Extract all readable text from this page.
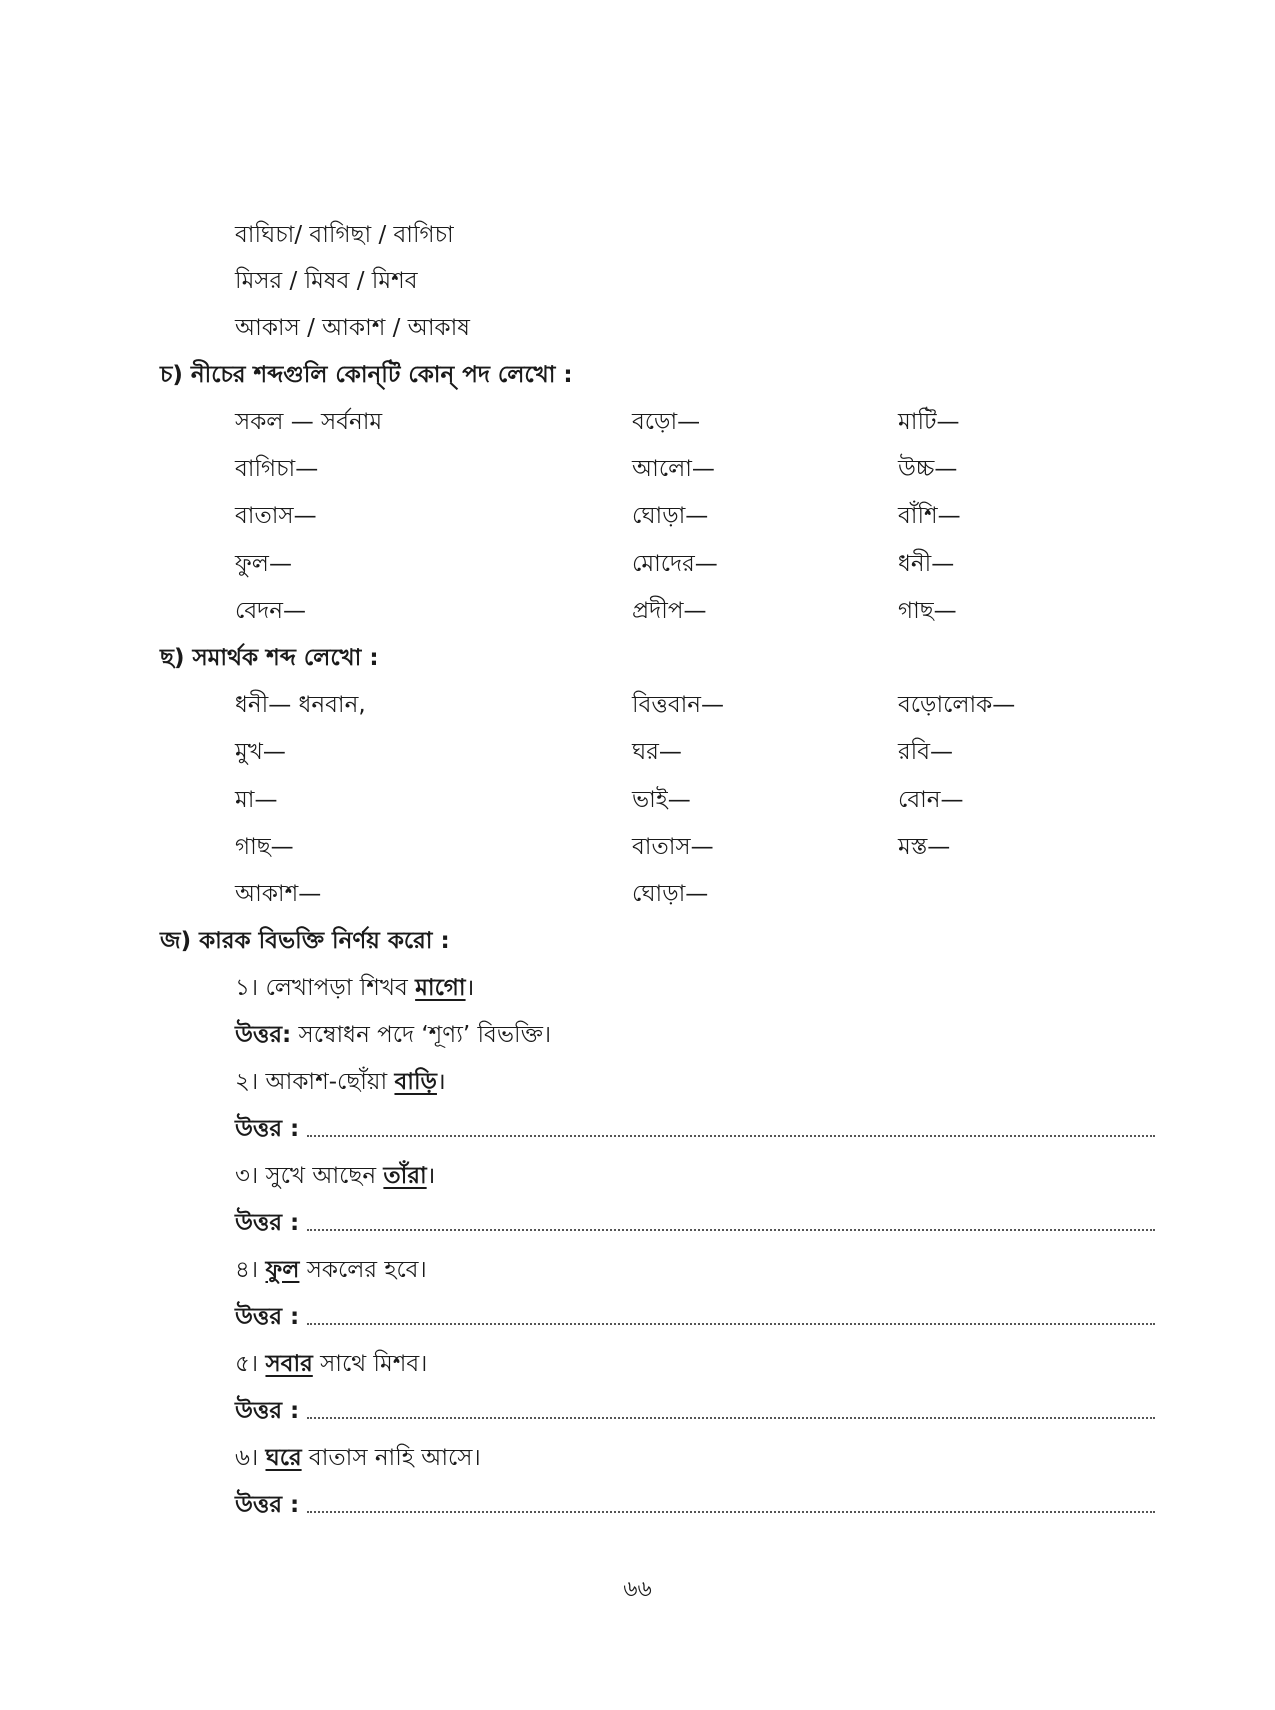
বাঘিচা/ বাগিছা / বাগিচা
মিসর / মিষব / মিশব
আকাস / আকাশ / আকাষ
চ) নীচের শব্দগুলি কোন্‌টি কোন্‌ পদ লেখো :
সকল — সর্বনাম	বড়ো—	মাটি—
বাগিচা—	আলো—	উচ্চ—
বাতাস—	ঘোড়া—	বাঁশি—
ফুল—	মোদের—	ধনী—
বেদন—	প্রদীপ—	গাছ—
ছ) সমার্থক শব্দ লেখো :
ধনী— ধনবান,	বিত্তবান—	বড়োলোক—
মুখ—	ঘর—	রবি—
মা—	ভাই—	বোন—
গাছ—	বাতাস—	মস্ত—
আকাশ—	ঘোড়া—
জ) কারক বিভক্তি নির্ণয় করো :
১। লেখাপড়া শিখব মাগো।
উত্তর: সম্বোধন পদে ‘শূণ্য’ বিভক্তি।
২। আকাশ-ছোঁয়া বাড়ি।
উত্তর :
৩। সুখে আছেন তাঁরা।
উত্তর :
৪। ফুল সকলের হবে।
উত্তর :
৫। সবার সাথে মিশব।
উত্তর :
৬। ঘরে বাতাস নাহি আসে।
উত্তর :
৬৬
